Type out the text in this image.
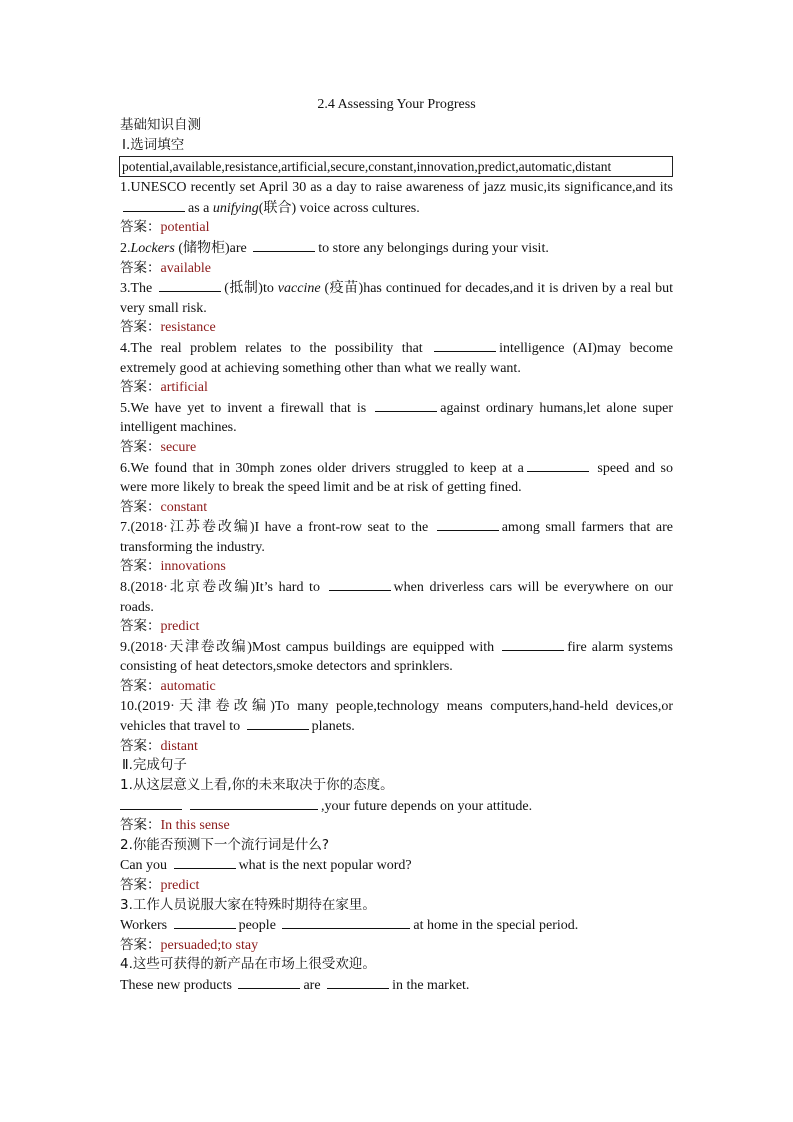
2.4 Assessing Your Progress

基础知识自测

Ⅰ.选词填空

potential,available,resistance,artificial,secure,constant,innovation,predict,automatic,distant

1.UNESCO recently set April 30 as a day to raise awareness of jazz music,its significance,and its as a unifying(联合) voice across cultures.

答案：potential

2.Lockers (储物柜)are	to store any belongings during your visit.

答案：available

3.The	(抵制)to vaccine (疫苗)has continued for decades,and it is driven by a real but very small risk.

答案：resistance

4.The real problem relates to the possibility that	intelligence (AI)may become extremely good at achieving something other than what we really want.

答案：artificial

5.We have yet to invent a firewall that is	against ordinary humans,let alone super intelligent machines.

答案：secure

6.We found that in 30mph zones older drivers struggled to keep at a	speed and so were more likely to break the speed limit and be at risk of getting fined.

答案：constant

7.(2018·江苏卷改编)I have a front-row seat to the	among small farmers that are transforming the industry.

答案：innovations

8.(2018·北京卷改编)It’s hard to	when driverless cars will be everywhere on our roads.

答案：predict

9.(2018·天津卷改编)Most campus buildings are equipped with	fire alarm systems consisting of heat detectors,smoke detectors and sprinklers.

答案：automatic

10.(2019·天津卷改编)To many people,technology means computers,hand-held devices,or vehicles that travel to	planets.

答案：distant

Ⅱ.完成句子

1.从这层意义上看,你的未来取决于你的态度。

,your future depends on your attitude.

答案：In this sense

2.你能否预测下一个流行词是什么?

Can you	what is the next popular word?

答案：predict

3.工作人员说服大家在特殊时期待在家里。

Workers	people	at home in the special period.

答案：persuaded;to stay

4.这些可获得的新产品在市场上很受欢迎。

These new products	are	in the market.
